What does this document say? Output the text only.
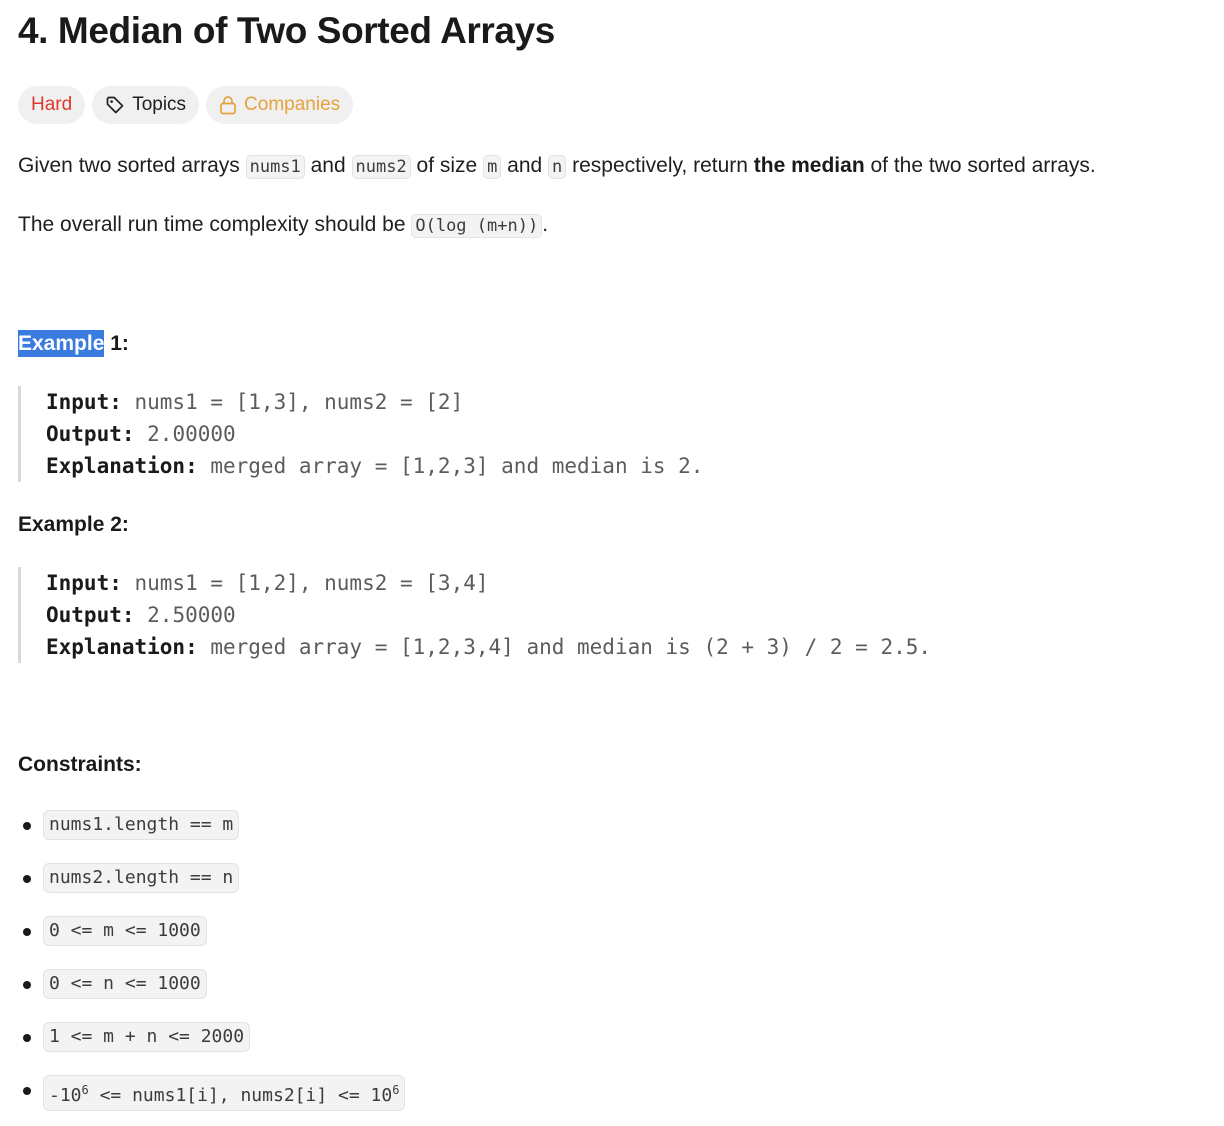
4. Median of Two Sorted Arrays
Hard	Topics	Companies
Given two sorted arrays nums1 and nums2 of size m and n respectively, return the median of the two sorted arrays.
The overall run time complexity should be O(log (m+n)) .
Example 1:
Input: nums1 = [1,3], nums2 = [2]
Output: 2.00000
Explanation: merged array = [1,2,3] and median is 2.
Example 2:
Input: nums1 = [1,2], nums2 = [3,4]
Output: 2.50000
Explanation: merged array = [1,2,3,4] and median is (2 + 3) / 2 = 2.5.
Constraints:
nums1.length == m
nums2.length == n
0 <= m <= 1000
0 <= n <= 1000
1 <= m + n <= 2000
$-10^6$ <= nums1[i], nums2[i] <= $10^6$
